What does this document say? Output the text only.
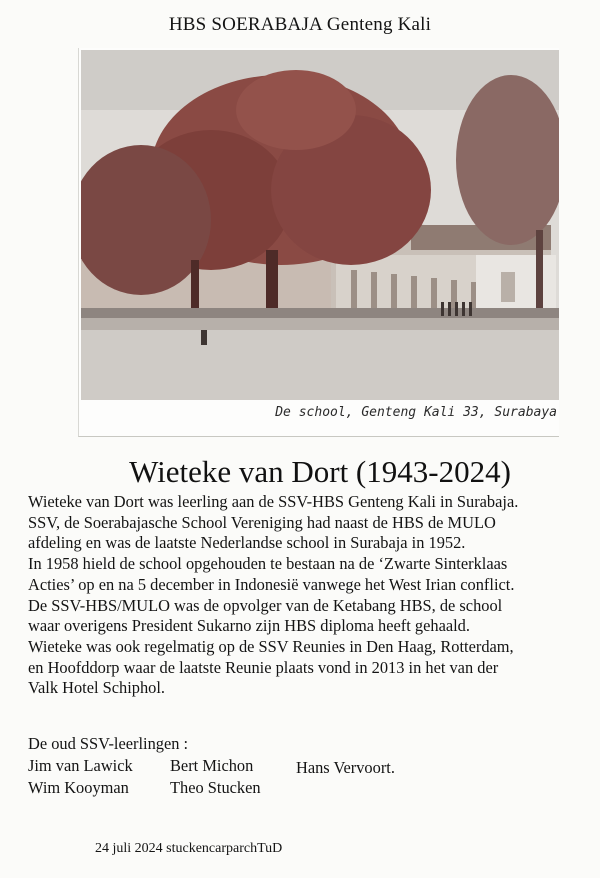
HBS SOERABAJA Genteng Kali
De school, Genteng Kali 33, Surabaya
Wieteke van Dort (1943-2024)
Wieteke van Dort was leerling aan de SSV-HBS Genteng Kali in Surabaja.
SSV, de Soerabajasche School Vereniging had naast de HBS de MULO
afdeling en was de laatste Nederlandse school in Surabaja in 1952.
In 1958 hield de school opgehouden te bestaan na de ‘Zwarte Sinterklaas
Acties’ op en na 5 december in Indonesië vanwege het West Irian conflict.
De SSV-HBS/MULO was de opvolger van de Ketabang HBS, de school
waar overigens President Sukarno zijn HBS diploma heeft gehaald.
Wieteke was ook regelmatig op de SSV Reunies in Den Haag, Rotterdam,
en Hoofddorp waar de laatste Reunie plaats vond in 2013 in het van der
Valk Hotel Schiphol.
De oud SSV-leerlingen :
Jim van Lawick Bert Michon	Hans Vervoort.
Wim Kooyman	Theo Stucken
24 juli 2024 stuckencarparchTuD
